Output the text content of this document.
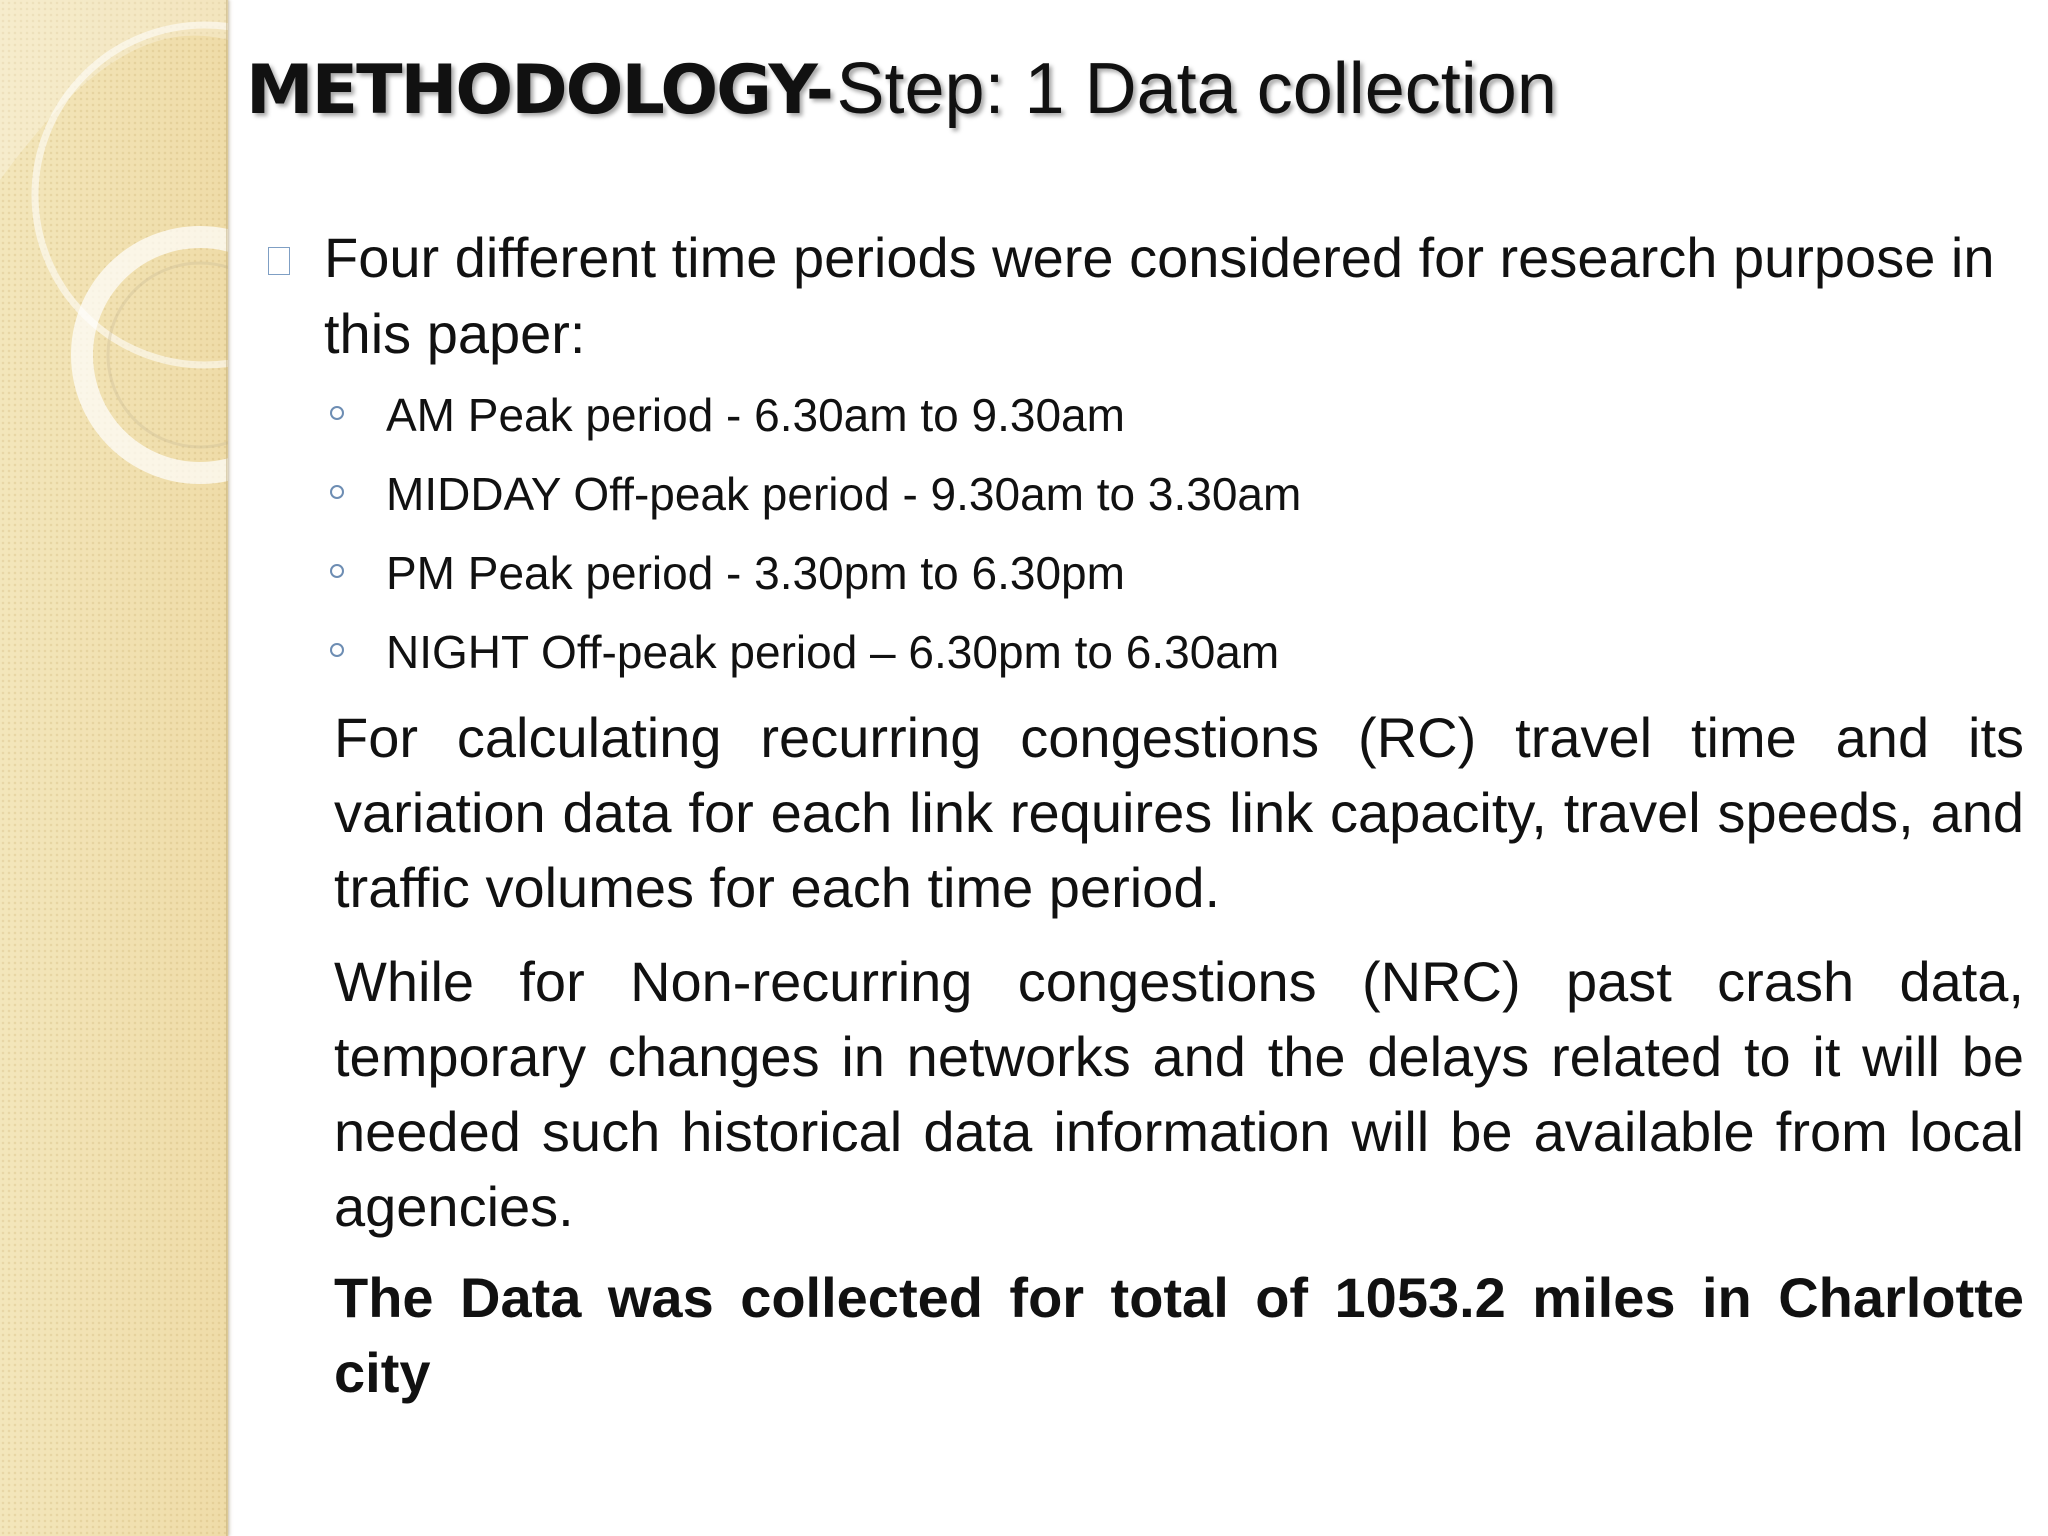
METHODOLOGY- Step: 1 Data collection

Four different time periods were considered for research purpose in this paper:

AM Peak period - 6.30am to 9.30am
MIDDAY Off-peak period - 9.30am to 3.30am
PM Peak period - 3.30pm to 6.30pm
NIGHT Off-peak period – 6.30pm to 6.30am

For calculating recurring congestions (RC) travel time and its variation data for each link requires link capacity, travel speeds, and traffic volumes for each time period.

While for Non-recurring congestions (NRC) past crash data, temporary changes in networks and the delays related to it will be needed such historical data information will be available from local agencies.

The Data was collected for total of 1053.2 miles in Charlotte city
